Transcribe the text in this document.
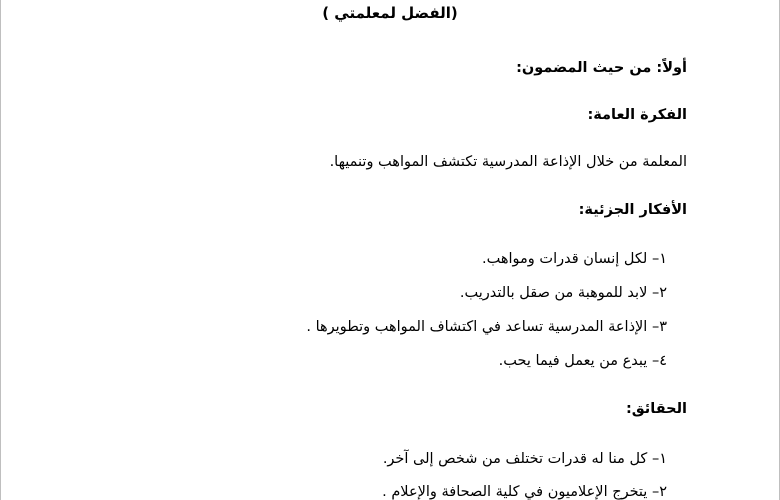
(الفضل لمعلمتي )
أولاً: من حيث المضمون:
الفكرة العامة:
المعلمة من خلال الإذاعة المدرسية تكتشف المواهب وتنميها.
الأفكار الجزئية:
١– لكل إنسان قدرات ومواهب.
٢– لابد للموهبة من صقل بالتدريب.
٣– الإذاعة المدرسية تساعد في اكتشاف المواهب وتطويرها .
٤– يبدع من يعمل فيما يحب.
الحقائق:
١– كل منا له قدرات تختلف من شخص إلى آخر.
٢– يتخرج الإعلاميون في كلية الصحافة والإعلام .
